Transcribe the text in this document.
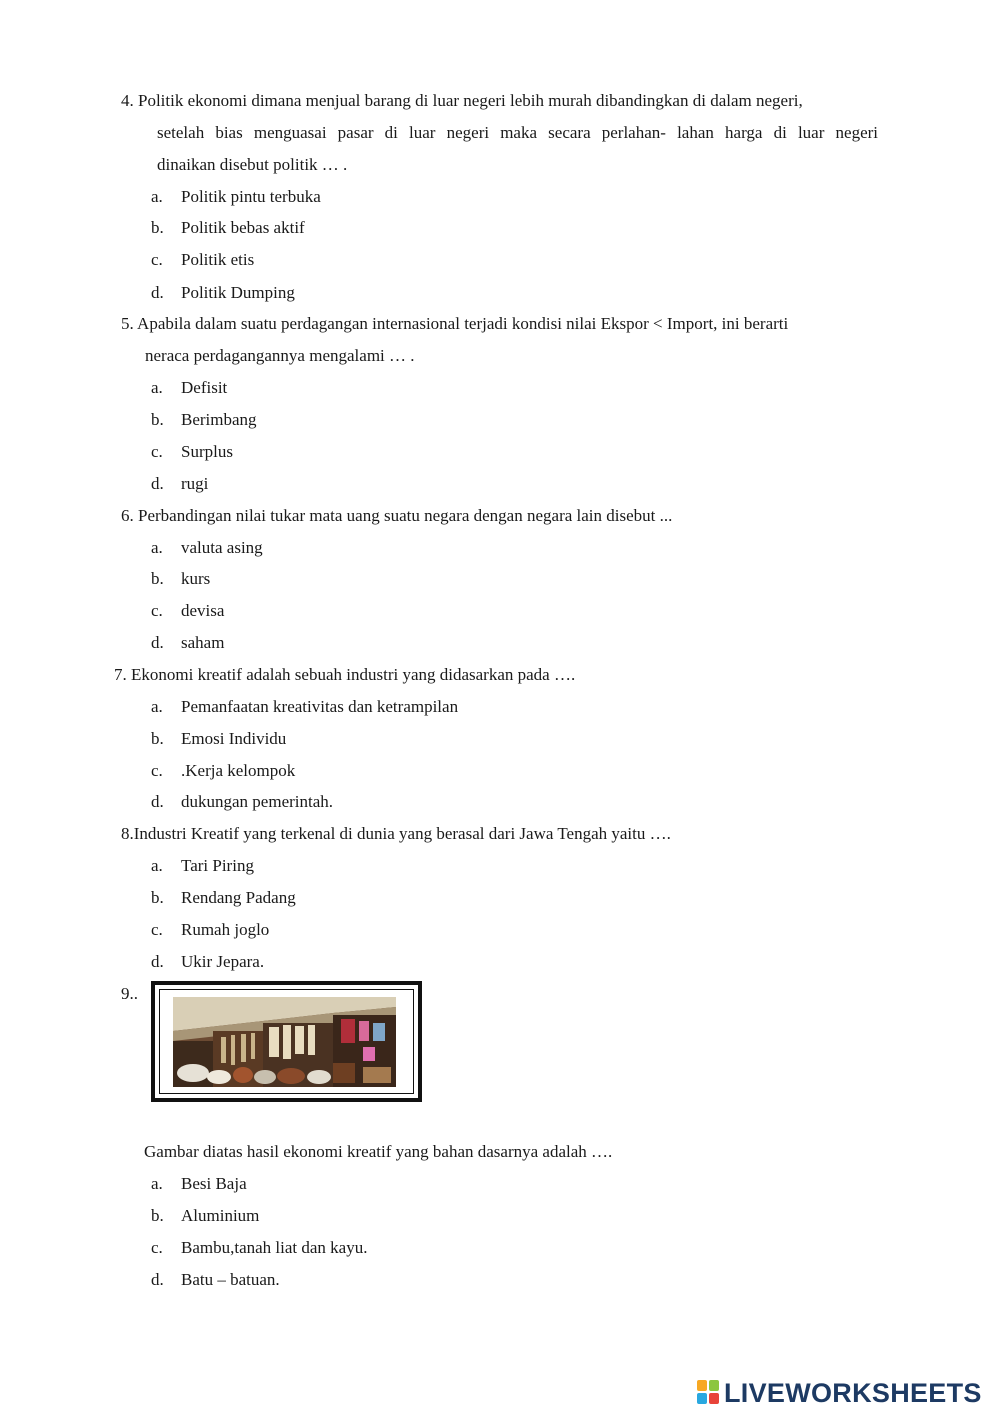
4. Politik ekonomi dimana menjual barang di luar negeri lebih murah dibandingkan di dalam negeri,
setelah bias menguasai pasar di luar negeri maka secara perlahan- lahan harga di luar negeri
dinaikan disebut politik … .
a. Politik pintu terbuka
b. Politik bebas aktif
c. Politik etis
d. Politik Dumping
5. Apabila dalam suatu perdagangan internasional terjadi kondisi nilai Ekspor < Import, ini berarti
neraca perdagangannya mengalami … .
a. Defisit
b. Berimbang
c. Surplus
d. rugi
6. Perbandingan nilai tukar mata uang suatu negara dengan negara lain disebut ...
a. valuta asing
b. kurs
c. devisa
d. saham
7. Ekonomi kreatif adalah sebuah industri yang didasarkan pada ….
a. Pemanfaatan kreativitas dan ketrampilan
b. Emosi Individu
c. .Kerja kelompok
d. dukungan pemerintah.
8.Industri Kreatif yang terkenal di dunia yang berasal dari Jawa Tengah yaitu ….
a. Tari Piring
b. Rendang Padang
c. Rumah joglo
d. Ukir Jepara.
9..
Gambar diatas hasil ekonomi kreatif yang bahan dasarnya adalah ….
a. Besi Baja
b. Aluminium
c. Bambu,tanah liat dan kayu.
d. Batu – batuan.
LIVEWORKSHEETS
